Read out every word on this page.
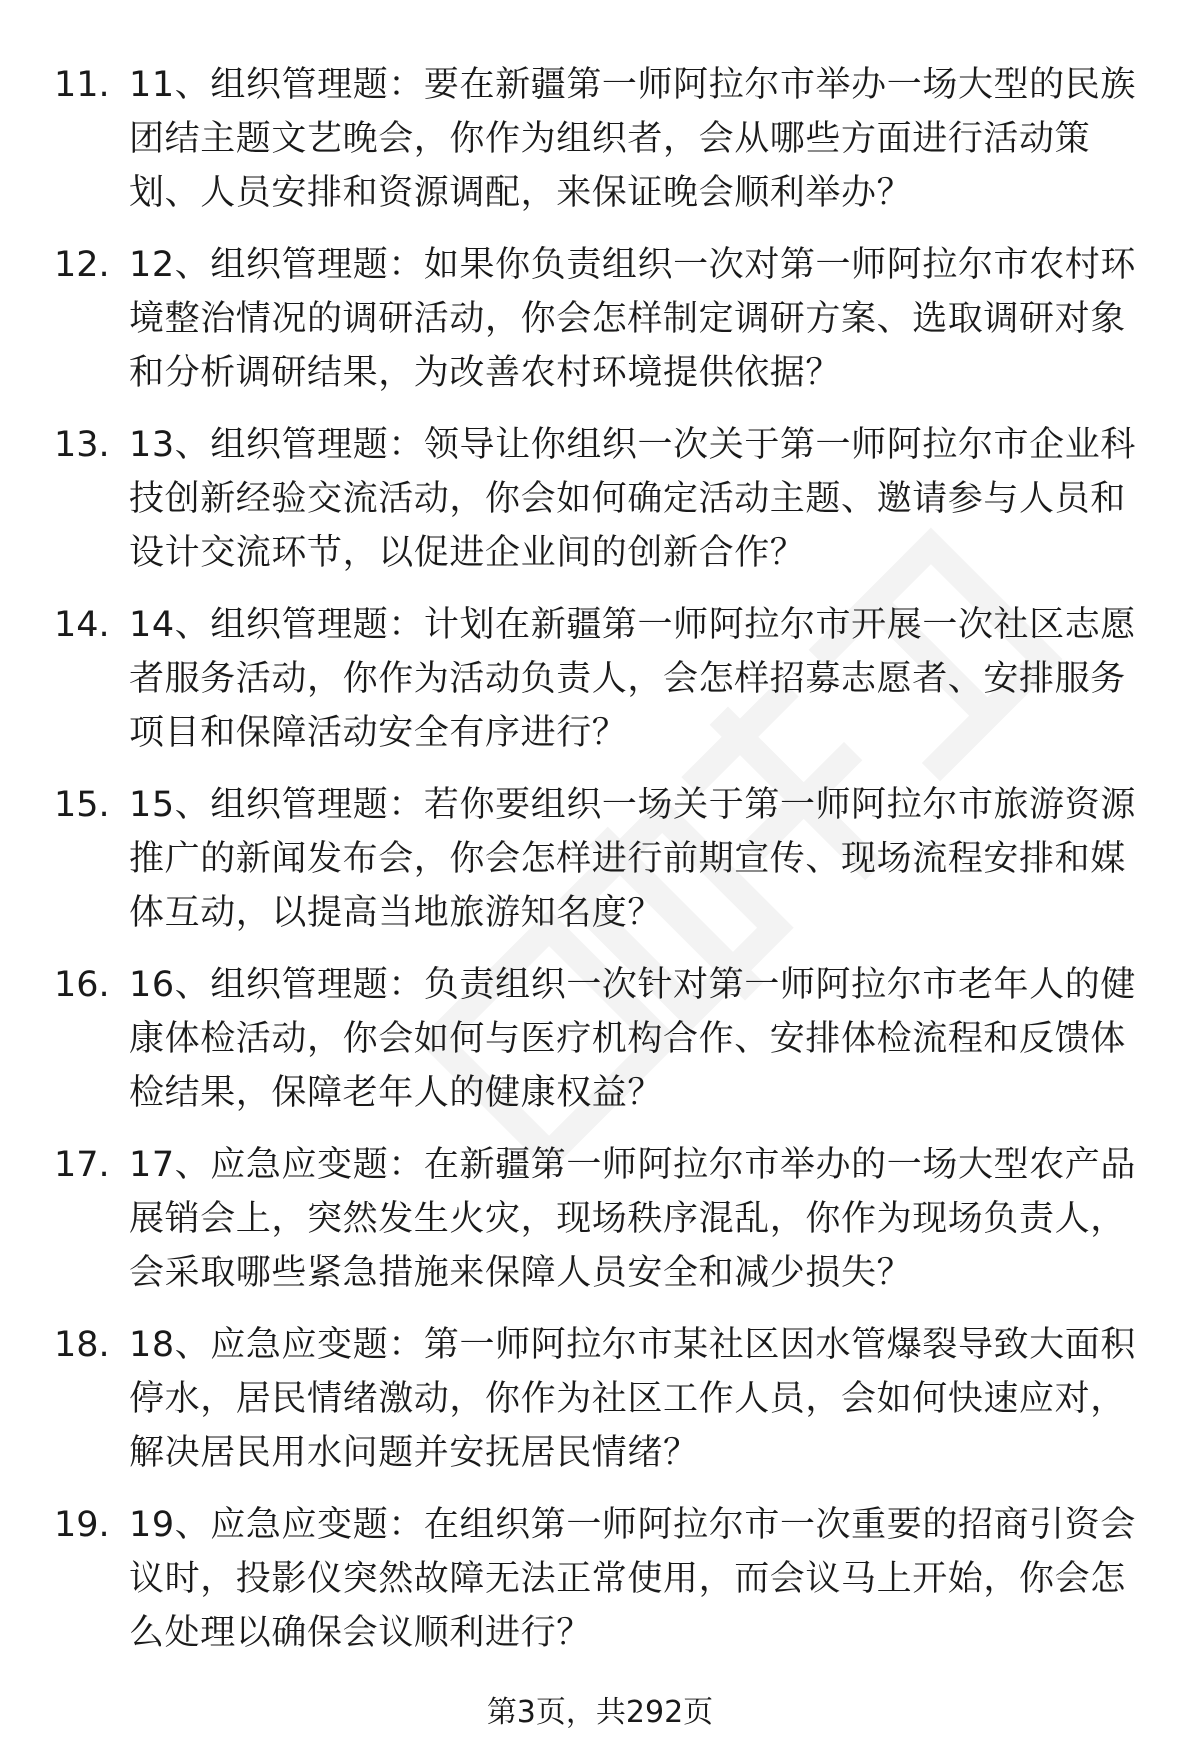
11. 11、组织管理题：要在新疆第一师阿拉尔市举办一场大型的民族团结主题文艺晚会，你作为组织者，会从哪些方面进行活动策划、人员安排和资源调配，来保证晚会顺利举办？
12. 12、组织管理题：如果你负责组织一次对第一师阿拉尔市农村环境整治情况的调研活动，你会怎样制定调研方案、选取调研对象和分析调研结果，为改善农村环境提供依据？
13. 13、组织管理题：领导让你组织一次关于第一师阿拉尔市企业科技创新经验交流活动，你会如何确定活动主题、邀请参与人员和设计交流环节，以促进企业间的创新合作？
14. 14、组织管理题：计划在新疆第一师阿拉尔市开展一次社区志愿者服务活动，你作为活动负责人，会怎样招募志愿者、安排服务项目和保障活动安全有序进行？
15. 15、组织管理题：若你要组织一场关于第一师阿拉尔市旅游资源推广的新闻发布会，你会怎样进行前期宣传、现场流程安排和媒体互动，以提高当地旅游知名度？
16. 16、组织管理题：负责组织一次针对第一师阿拉尔市老年人的健康体检活动，你会如何与医疗机构合作、安排体检流程和反馈体检结果，保障老年人的健康权益？
17. 17、应急应变题：在新疆第一师阿拉尔市举办的一场大型农产品展销会上，突然发生火灾，现场秩序混乱，你作为现场负责人，会采取哪些紧急措施来保障人员安全和减少损失？
18. 18、应急应变题：第一师阿拉尔市某社区因水管爆裂导致大面积停水，居民情绪激动，你作为社区工作人员，会如何快速应对，解决居民用水问题并安抚居民情绪？
19. 19、应急应变题：在组织第一师阿拉尔市一次重要的招商引资会议时，投影仪突然故障无法正常使用，而会议马上开始，你会怎么处理以确保会议顺利进行？
第3页，共292页
